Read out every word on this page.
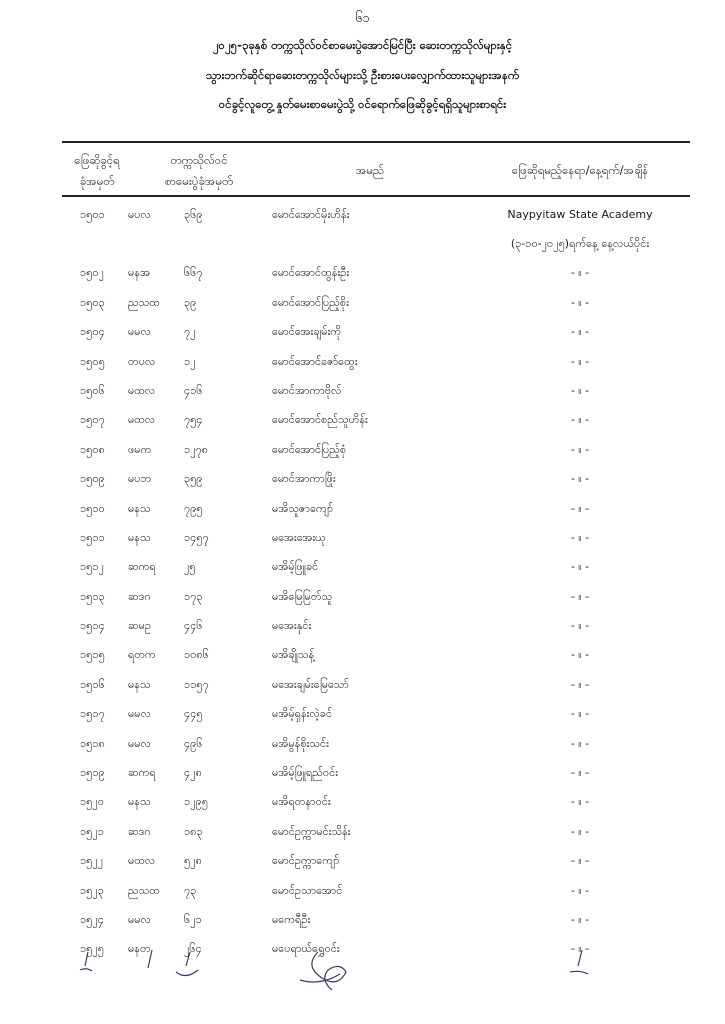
၆၁
၂၀၂၅-၃ခုနှစ် တက္ကသိုလ်ဝင်စာမေးပွဲအောင်မြင်ပြီး ဆေးတက္ကသိုလ်များနှင့်
သွားဘက်ဆိုင်ရာဆေးတက္ကသိုလ်များသို့ ဦးစားပေးလျှောက်ထားသူများအနက်
ဝင်ခွင့်လူတွေ့ နှုတ်မေးစာမေးပွဲသို့ ဝင်ရောက်ဖြေဆိုခွင့်ရရှိသူများစာရင်း
ဖြေဆိုခွင့်ရ
ခုံအမှတ်
တက္ကသိုလ်ဝင်
စာမေးပွဲခုံအမှတ်
အမည်	ဖြေဆိုရမည့်နေရာ/နေ့ရက်/အချိန်
၁၅၀၁ မပလ	၃၆၉	မောင်အောင်မိုးဟိန်း	Naypyitaw State Academy
(၃-၁၀-၂၀၂၅)ရက်နေ့ နေ့လယ်ပိုင်း
၁၅၀၂ မနအ	၆၆၇	မောင်အောင်ထွန်းဦး	- ။ -
၁၅၀၃ ညသထ ၃၉	မောင်အောင်ပြည့်စိုး	- ။ -
၁၅၀၄ မမလ	၇၂	မောင်အေးချမ်းကို	- ။ -
၁၅၀၅ တပလ	၁၂	မောင်အောင်ဇော်ထွေး	- ။ -
၁၅၀၆ မထလ	၄၁၆	မောင်အာကာဗိုလ်	- ။ -
၁၅၀၇ မထလ	၇၅၄	မောင်အောင်စည်သူဟိန်း	- ။ -
၁၅၀၈ ဖမက	၁၂၇၈	မောင်အောင်ပြည့်စုံ	- ။ -
၁၅၀၉ မပဘ	၃၅၉	မောင်အာကာဖြိုး	- ။ -
၁၅၁၀ မနသ	၇၉၅	မအိသူဇာကျော်	- ။ -
၁၅၁၁ မနသ	၁၄၅၇	မအေးအေးယု	- ။ -
၁၅၁၂ ဆကရ	၂၅	မအိမ့်ဖြူခင်	- ။ -
၁၅၁၃ ဆဒဂ	၁၇၃	မအိမြေမြတ်သူ	- ။ -
၁၅၁၄ ဆမဥ	၄၄၆	မအေးနှင်း	- ။ -
၁၅၁၅ ရတက	၁၀၈၆	မအိချိုသန့်	- ။ -
၁၅၁၆ မနသ	၁၁၅၇	မအေးချမ်းမြေသော်	- ။ -
၁၅၁၇ မမလ	၄၄၅	မအိမ့်ရှန်းလဲ့ခင်	- ။ -
၁၅၁၈ မမလ	၄၉၆	မအိမွန်စိုးသင်း	- ။ -
၁၅၁၉ ဆကရ	၄၂၈	မအိမ့်ဖြူရည်ဝင်း	- ။ -
၁၅၂၀ မနသ	၁၂၉၅	မအိရတနာဝင်း	- ။ -
၁၅၂၁ ဆဒဂ	၁၈၃	မောင်ဥက္ကာမင်းသိန်း	- ။ -
၁၅၂၂ မထလ	၅၂၈	မောင်ဥက္ကာကျော်	- ။ -
၁၅၂၃ ညသထ ၇၃	မောင်ဥသာအောင်	- ။ -
၁၅၂၄ မမလ	၆၂၁	မကေရီဦး	- ။ -
၁၅၂၅ မနတ	၂၆၄	မပေရာယ်ရွှေဝင်း	- ။ -
